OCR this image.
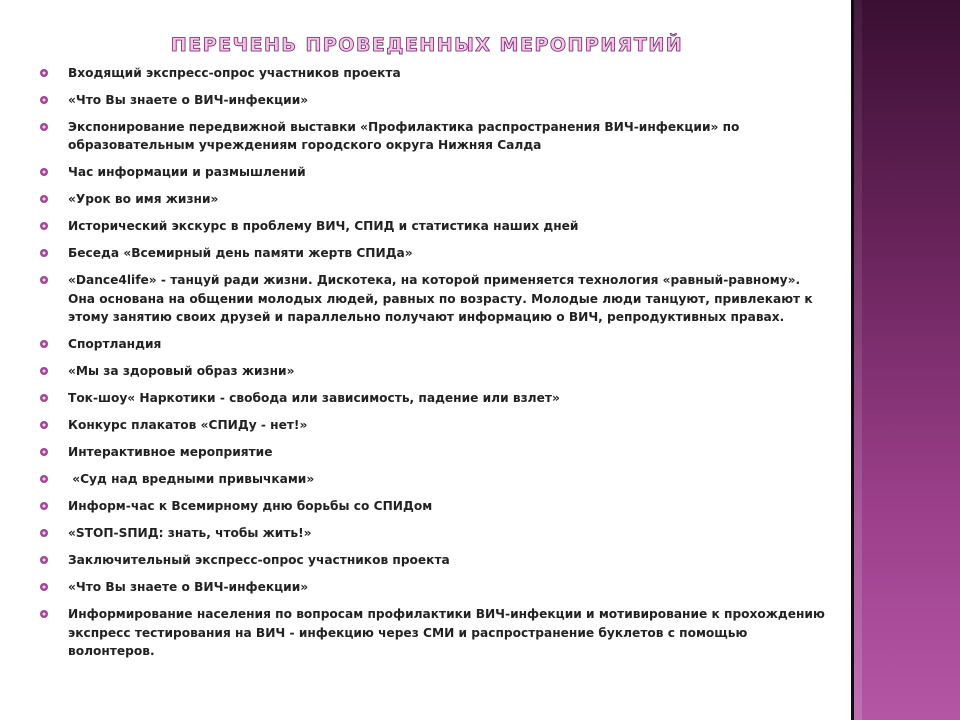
ПЕРЕЧЕНЬ ПРОВЕДЕННЫХ МЕРОПРИЯТИЙ
Входящий экспресс-опрос участников проекта
«Что Вы знаете о ВИЧ-инфекции»
Экспонирование передвижной выставки «Профилактика распространения ВИЧ-инфекции» по образовательным учреждениям городского округа Нижняя Салда
Час информации и размышлений
«Урок во имя жизни»
Исторический экскурс в проблему ВИЧ, СПИД и статистика наших дней
Беседа «Всемирный день памяти жертв СПИДа»
«Dance4life» - танцуй ради жизни. Дискотека, на которой применяется технология «равный-равному». Она основана на общении молодых людей, равных по возрасту. Молодые люди танцуют, привлекают к этому занятию своих друзей и параллельно получают информацию о ВИЧ, репродуктивных правах.
Спортландия
«Мы за здоровый образ жизни»
Ток-шоу« Наркотики - свобода или зависимость, падение или взлет»
Конкурс плакатов «СПИДу - нет!»
Интерактивное мероприятие
«Суд над вредными привычками»
Информ-час к Всемирному дню борьбы со СПИДом
«STOП-SПИД: знать, чтобы жить!»
Заключительный экспресс-опрос участников проекта
«Что Вы знаете о ВИЧ-инфекции»
Информирование населения по вопросам профилактики ВИЧ-инфекции и мотивирование к прохождению экспресс тестирования на ВИЧ - инфекцию через СМИ и распространение буклетов с помощью волонтеров.
